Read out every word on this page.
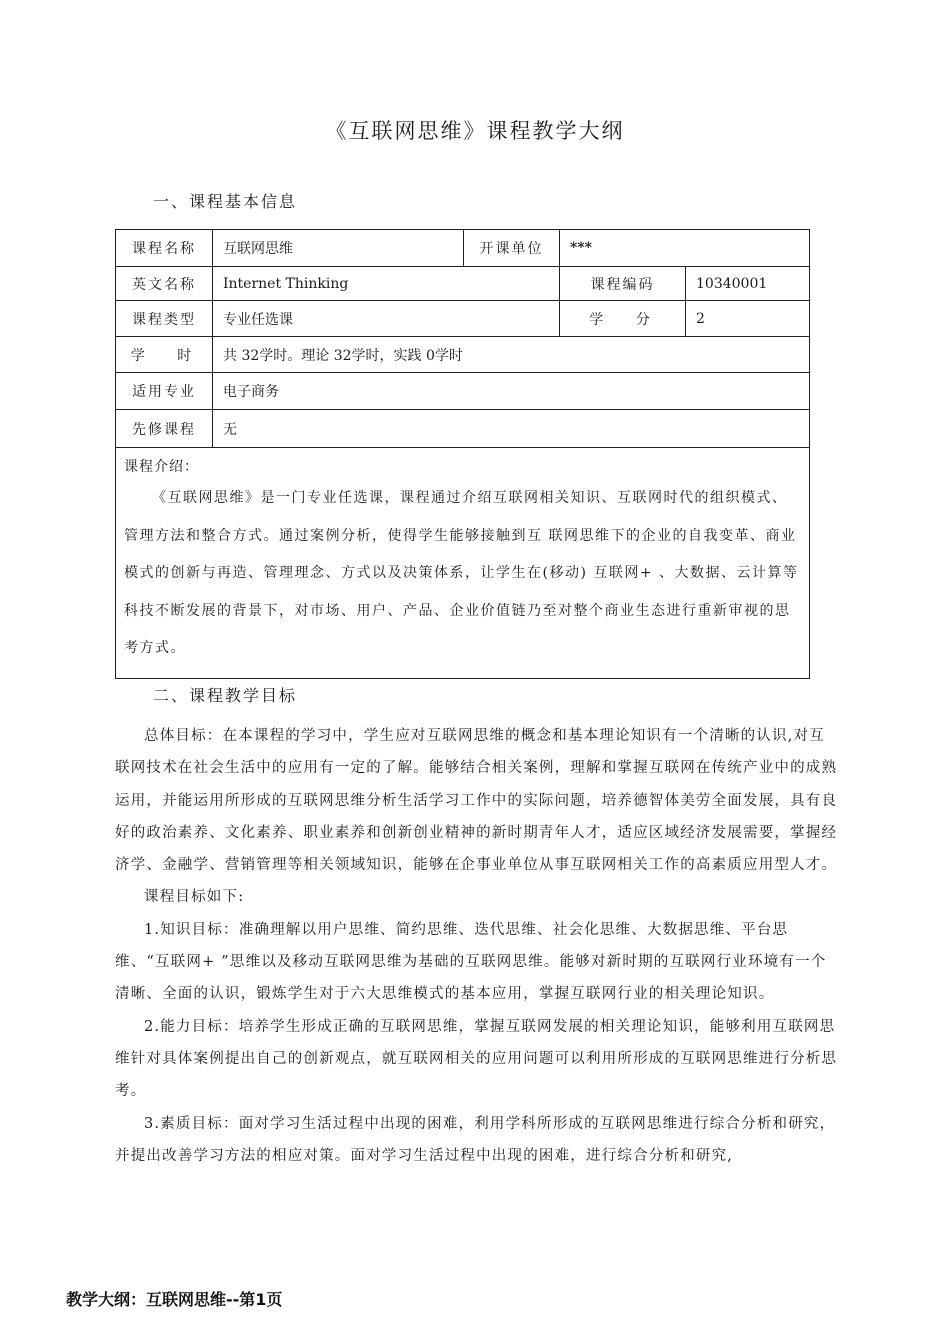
《互联网思维》课程教学大纲
一、课程基本信息
课程名称	互联网思维	开课单位	***	
英文名称	Internet Thinking		课程编码	10340001
课程类型	专业任选课		学 分	2
学 时	共 32学时。理论 32学时，实践 0学时			
适用专业	电子商务			
先修课程	无			

课程介绍：
《互联网思维》是一门专业任选课，课程通过介绍互联网相关知识、互联网时代的组织模式、管理方法和整合方式。通过案例分析，使得学生能够接触到互 联网思维下的企业的自我变革、商业模式的创新与再造、管理理念、方式以及决策体系，让学生在(移动) 互联网+ 、大数据、云计算等科技不断发展的背景下，对市场、用户、产品、企业价值链乃至对整个商业生态进行重新审视的思考方式。				
二、课程教学目标

总体目标：在本课程的学习中，学生应对互联网思维的概念和基本理论知识有一个清晰的认识,对互联网技术在社会生活中的应用有一定的了解。能够结合相关案例，理解和掌握互联网在传统产业中的成熟运用，并能运用所形成的互联网思维分析生活学习工作中的实际问题，培养德智体美劳全面发展，具有良好的政治素养、文化素养、职业素养和创新创业精神的新时期青年人才，适应区域经济发展需要，掌握经济学、金融学、营销管理等相关领域知识，能够在企事业单位从事互联网相关工作的高素质应用型人才。

课程目标如下:

1.知识目标：准确理解以用户思维、简约思维、迭代思维、社会化思维、大数据思维、平台思维、“互联网+ ”思维以及移动互联网思维为基础的互联网思维。能够对新时期的互联网行业环境有一个清晰、全面的认识，锻炼学生对于六大思维模式的基本应用，掌握互联网行业的相关理论知识。

2.能力目标：培养学生形成正确的互联网思维，掌握互联网发展的相关理论知识，能够利用互联网思维针对具体案例提出自己的创新观点，就互联网相关的应用问题可以利用所形成的互联网思维进行分析思考。

3.素质目标：面对学习生活过程中出现的困难，利用学科所形成的互联网思维进行综合分析和研究，并提出改善学习方法的相应对策。面对学习生活过程中出现的困难，进行综合分析和研究,

教学大纲：互联网思维--第1页
